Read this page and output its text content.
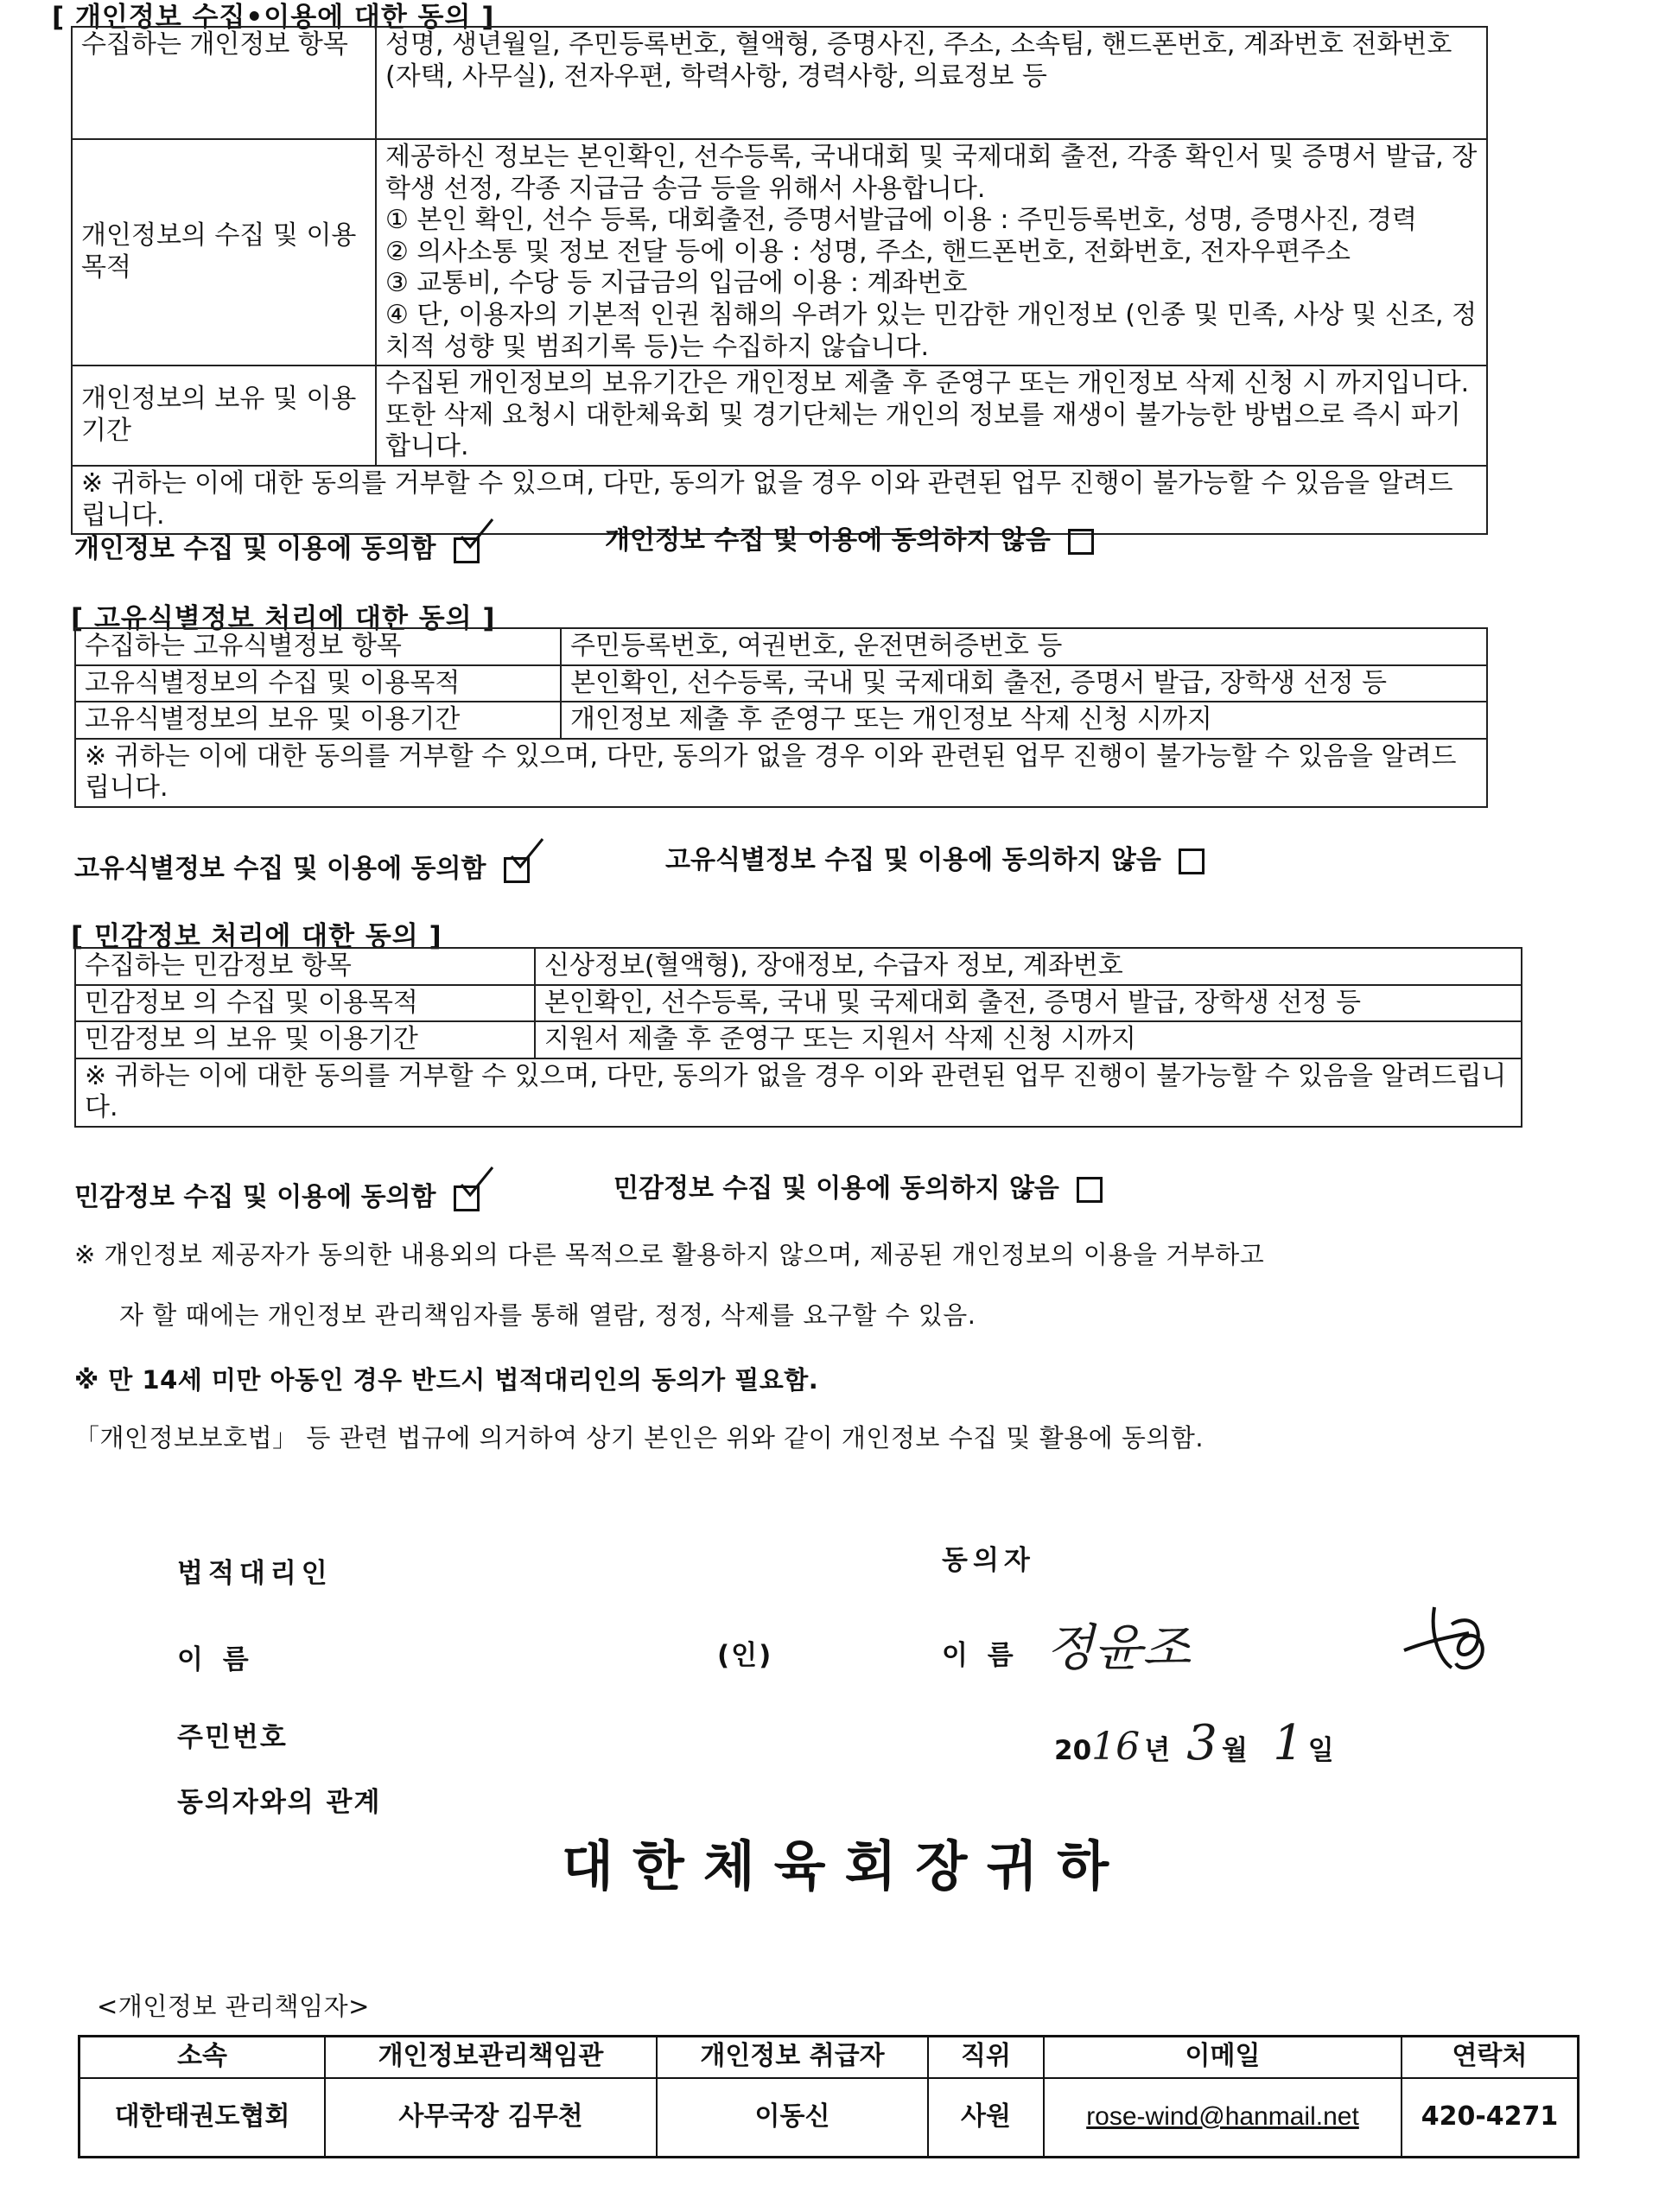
[ 개인정보 수집•이용에 대한 동의 ]
수집하는 개인정보 항목	성명, 생년월일, 주민등록번호, 혈액형, 증명사진, 주소, 소속팀, 핸드폰번호, 계좌번호 전화번호(자택, 사무실), 전자우편, 학력사항, 경력사항, 의료정보 등
개인정보의 수집 및 이용목적	제공하신 정보는 본인확인, 선수등록, 국내대회 및 국제대회 출전, 각종 확인서 및 증명서 발급, 장학생 선정, 각종 지급금 송금 등을 위해서 사용합니다.
① 본인 확인, 선수 등록, 대회출전, 증명서발급에 이용 : 주민등록번호, 성명, 증명사진, 경력
② 의사소통 및 정보 전달 등에 이용 : 성명, 주소, 핸드폰번호, 전화번호, 전자우편주소
③ 교통비, 수당 등 지급금의 입금에 이용 : 계좌번호
④ 단, 이용자의 기본적 인권 침해의 우려가 있는 민감한 개인정보 (인종 및 민족, 사상 및 신조, 정치적 성향 및 범죄기록 등)는 수집하지 않습니다.

개인정보의 보유 및 이용기간	수집된 개인정보의 보유기간은 개인정보 제출 후 준영구 또는 개인정보 삭제 신청 시 까지입니다. 또한 삭제 요청시 대한체육회 및 경기단체는 개인의 정보를 재생이 불가능한 방법으로 즉시 파기합니다.
※ 귀하는 이에 대한 동의를 거부할 수 있으며, 다만, 동의가 없을 경우 이와 관련된 업무 진행이 불가능할 수 있음을 알려드립니다.	
개인정보 수집 및 이용에 동의함	개인정보 수집 및 이용에 동의하지 않음
[ 고유식별정보 처리에 대한 동의 ]
수집하는 고유식별정보 항목	주민등록번호, 여권번호, 운전면허증번호 등
고유식별정보의 수집 및 이용목적	본인확인, 선수등록, 국내 및 국제대회 출전, 증명서 발급, 장학생 선정 등
고유식별정보의 보유 및 이용기간	개인정보 제출 후 준영구 또는 개인정보 삭제 신청 시까지
※ 귀하는 이에 대한 동의를 거부할 수 있으며, 다만, 동의가 없을 경우 이와 관련된 업무 진행이 불가능할 수 있음을 알려드립니다.	
고유식별정보 수집 및 이용에 동의함	고유식별정보 수집 및 이용에 동의하지 않음
[ 민감정보 처리에 대한 동의 ]
수집하는 민감정보 항목	신상정보(혈액형), 장애정보, 수급자 정보, 계좌번호
민감정보 의 수집 및 이용목적	본인확인, 선수등록, 국내 및 국제대회 출전, 증명서 발급, 장학생 선정 등
민감정보 의 보유 및 이용기간	지원서 제출 후 준영구 또는 지원서 삭제 신청 시까지
※ 귀하는 이에 대한 동의를 거부할 수 있으며, 다만, 동의가 없을 경우 이와 관련된 업무 진행이 불가능할 수 있음을 알려드립니다.	
민감정보 수집 및 이용에 동의함	민감정보 수집 및 이용에 동의하지 않음
※ 개인정보 제공자가 동의한 내용외의 다른 목적으로 활용하지 않으며, 제공된 개인정보의 이용을 거부하고
자 할 때에는 개인정보 관리책임자를 통해 열람, 정정, 삭제를 요구할 수 있음.
※ 만 14세 미만 아동인 경우 반드시 법적대리인의 동의가 필요함.
「개인정보보호법」 등 관련 법규에 의거하여 상기 본인은 위와 같이 개인정보 수집 및 활용에 동의함.
법적대리인
이 름	(인)
주민번호
동의자와의 관계
동의자
이 름 정윤조
2016 년 3 월 1 일
대한체육회장귀하
<개인정보 관리책임자>
소속	개인정보관리책임관	개인정보 취급자	직위	이메일	연락처
대한태권도협회	사무국장 김무천	이동신	사원	rose-wind@hanmail.net	420-4271
